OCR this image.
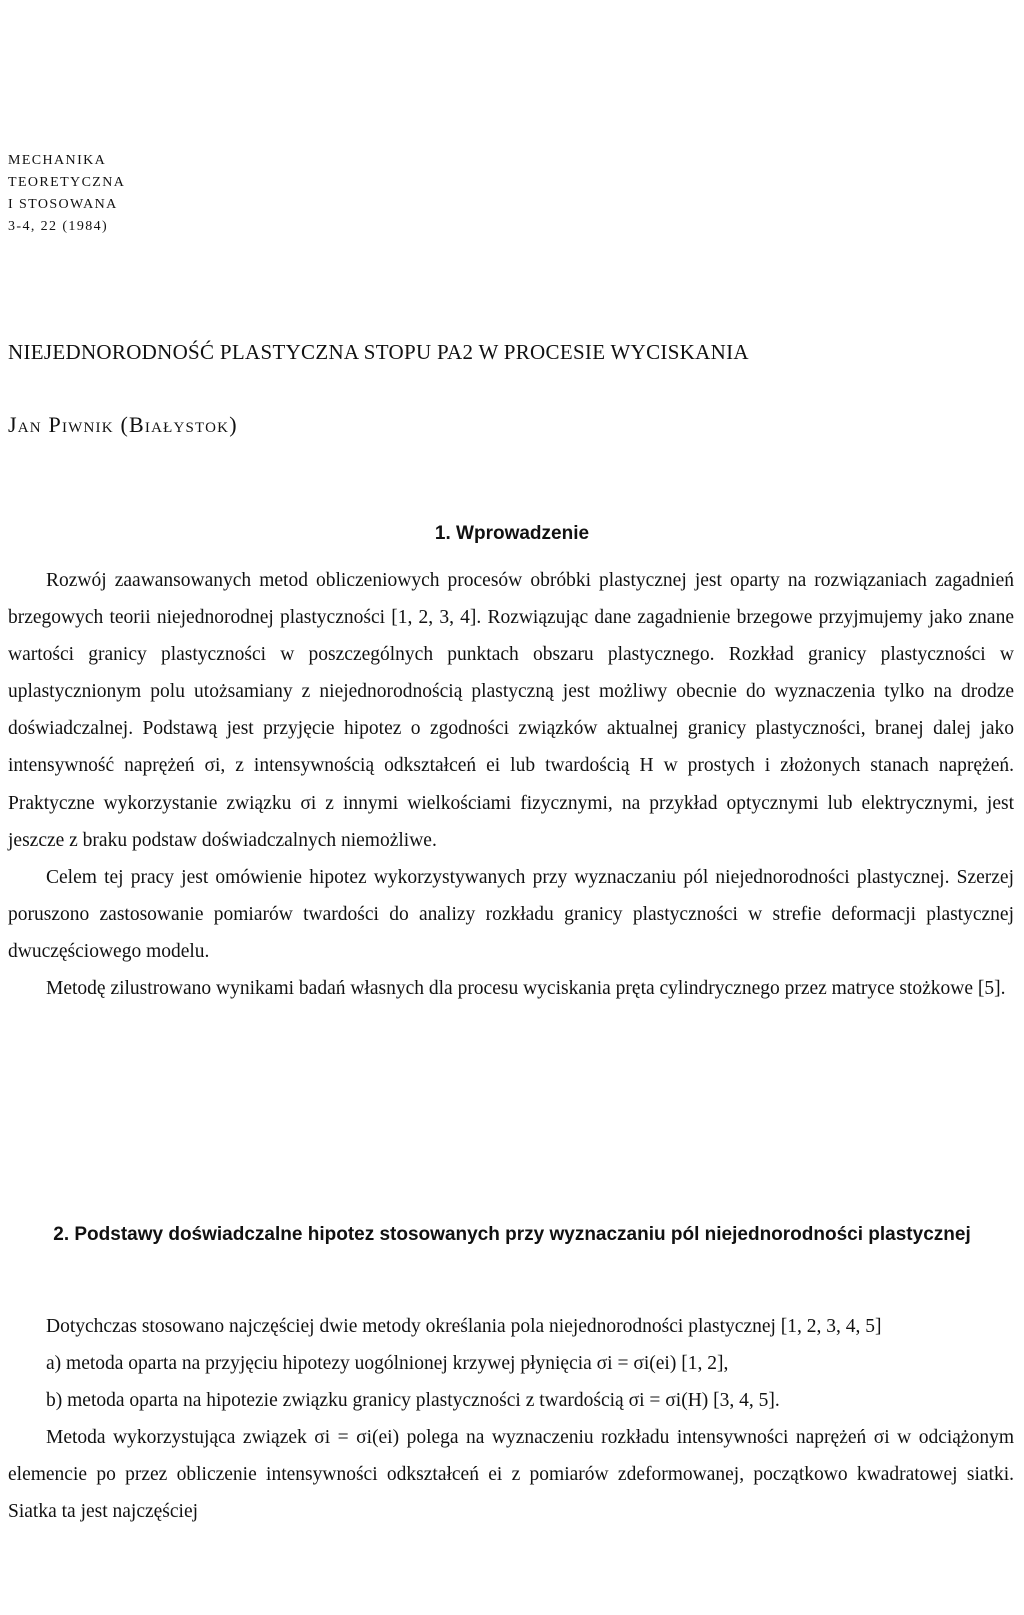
MECHANIKA
TEORETYCZNA
I STOSOWANA
3-4, 22 (1984)
NIEJEDNORODNOŚĆ PLASTYCZNA STOPU PA2 W PROCESIE WYCISKANIA
Jan Piwnik (Białystok)
1. Wprowadzenie

Rozwój zaawansowanych metod obliczeniowych procesów obróbki plastycznej jest oparty na rozwiązaniach zagadnień brzegowych teorii niejednorodnej plastyczności [1, 2, 3, 4]. Rozwiązując dane zagadnienie brzegowe przyjmujemy jako znane wartości granicy plastyczności w poszczególnych punktach obszaru plastycznego. Rozkład granicy plastyczności w uplastycznionym polu utożsamiany z niejednorodnością plastyczną jest możliwy obecnie do wyznaczenia tylko na drodze doświadczalnej. Podstawą jest przyjęcie hipotez o zgodności związków aktualnej granicy plastyczności, branej dalej jako intensywność naprężeń σi, z intensywnością odkształceń ei lub twardością H w prostych i złożonych stanach naprężeń. Praktyczne wykorzystanie związku σi z innymi wielkościami fizycznymi, na przykład optycznymi lub elektrycznymi, jest jeszcze z braku podstaw doświadczalnych niemożliwe.

Celem tej pracy jest omówienie hipotez wykorzystywanych przy wyznaczaniu pól niejednorodności plastycznej. Szerzej poruszono zastosowanie pomiarów twardości do analizy rozkładu granicy plastyczności w strefie deformacji plastycznej dwuczęściowego modelu.

Metodę zilustrowano wynikami badań własnych dla procesu wyciskania pręta cylindrycznego przez matryce stożkowe [5].

2. Podstawy doświadczalne hipotez stosowanych przy wyznaczaniu pól niejednorodności plastycznej

Dotychczas stosowano najczęściej dwie metody określania pola niejednorodności plastycznej [1, 2, 3, 4, 5]

a) metoda oparta na przyjęciu hipotezy uogólnionej krzywej płynięcia σi = σi(ei) [1, 2],

b) metoda oparta na hipotezie związku granicy plastyczności z twardością σi = σi(H) [3, 4, 5].

Metoda wykorzystująca związek σi = σi(ei) polega na wyznaczeniu rozkładu intensywności naprężeń σi w odciążonym elemencie po przez obliczenie intensywności odkształceń ei z pomiarów zdeformowanej, początkowo kwadratowej siatki. Siatka ta jest najczęściej
